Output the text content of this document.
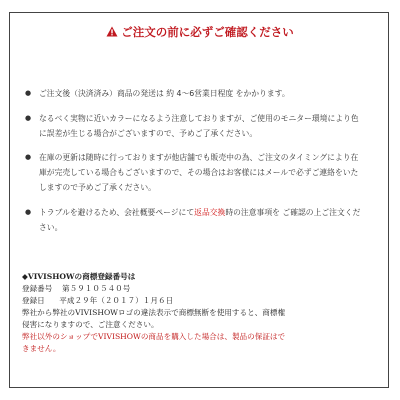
ご注文の前に必ずご確認ください
● ご注文後（決済済み）商品の発送は 約 4〜6営業日程度 をかかります。
● なるべく実物に近いカラーになるよう注意しておりますが、ご使用のモニター環境により色に誤差が生じる場合がございますので、予めご了承ください。
● 在庫の更新は随時に行っておりますが他店舗でも販売中の為、ご注文のタイミングにより在庫が完売している場合もございますので、その場合はお客様にはメールで必ずご連絡をいたしますので予めご了承ください。
● トラブルを避けるため、会社概要ページにて返品交換時の注意事項を ご確認の上ご注文ください。
◆VIVISHOWの商標登録番号は
登録番号 第５９１０５４０号
登録日 平成２９年（２０１７）１月６日
弊社から弊社のVIVISHOWロゴの違法表示で商標無断を使用すると、商標権
侵害になりますので、ご注意ください。
弊社以外のショップでVIVISHOWの商品を購入した場合は、製品の保証はで
きません。
